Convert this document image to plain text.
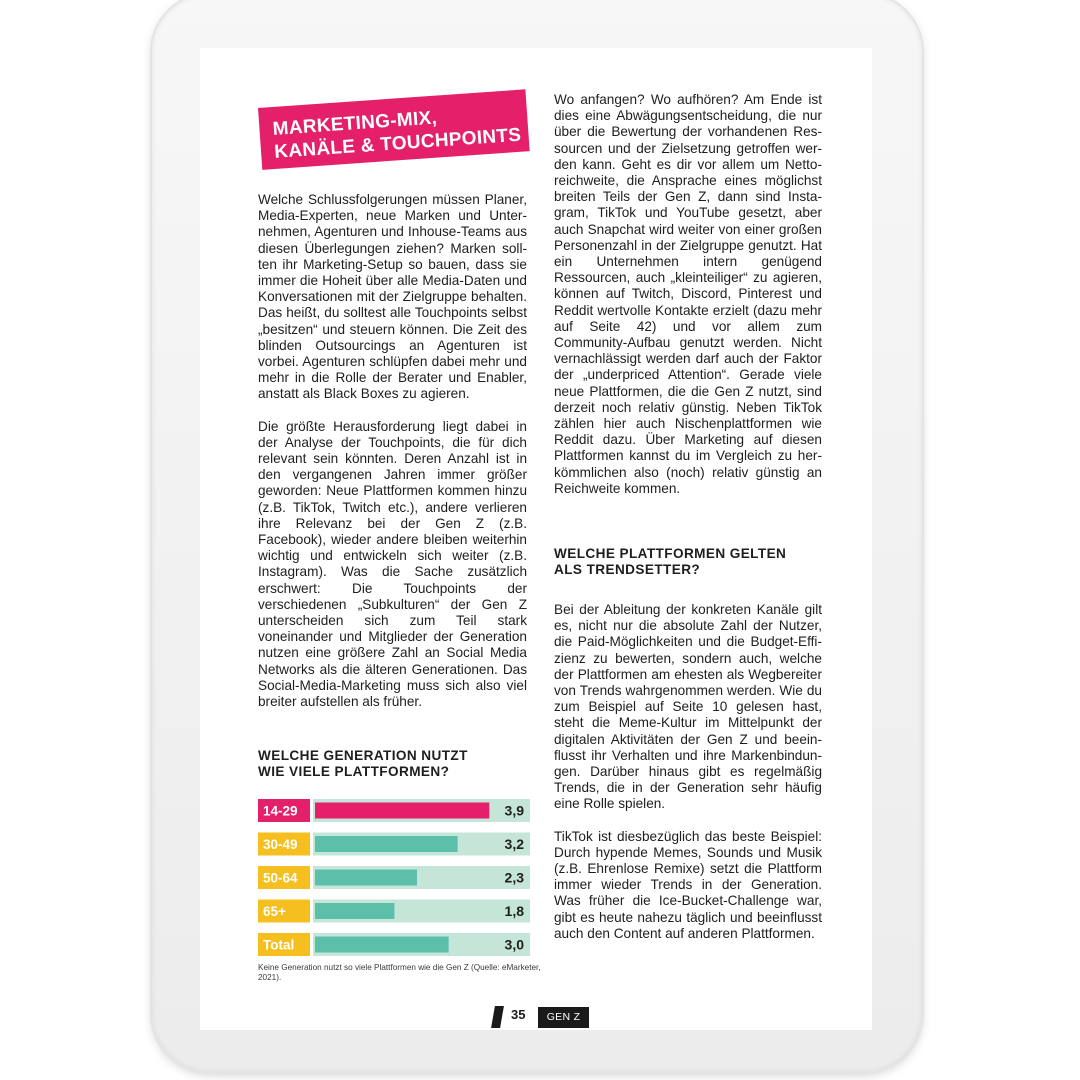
MARKETING-MIX,
KANÄLE & TOUCHPOINTS

Welche Schlussfolgerungen müssen Planer, Media-Experten, neue Marken und Unternehmen, Agenturen und Inhouse-Teams aus diesen Überlegungen ziehen? Marken sollten ihr Marketing-Setup so bauen, dass sie immer die Hoheit über alle Media-Daten und Konversationen mit der Zielgruppe behalten. Das heißt, du solltest alle Touchpoints selbst „besitzen“ und steuern können. Die Zeit des blinden Outsourcings an Agenturen ist vorbei. Agenturen schlüpfen dabei mehr und mehr in die Rolle der Berater und Enabler, anstatt als Black Boxes zu agieren.

Die größte Herausforderung liegt dabei in der Analyse der Touchpoints, die für dich relevant sein könnten. Deren Anzahl ist in den vergangenen Jahren immer größer geworden: Neue Plattformen kommen hinzu (z.B. TikTok, Twitch etc.), andere verlieren ihre Relevanz bei der Gen Z (z.B. Facebook), wieder andere bleiben weiterhin wichtig und entwickeln sich weiter (z.B. Instagram). Was die Sache zusätzlich erschwert: Die Touchpoints der verschiedenen „Subkulturen“ der Gen Z unterscheiden sich zum Teil stark voneinander und Mitglieder der Generation nutzen eine größere Zahl an Social Media Networks als die älteren Generationen. Das Social-Media-Marketing muss sich also viel breiter aufstellen als früher.

WELCHE GENERATION NUTZT
WIE VIELE PLATTFORMEN?
14-29	3,9
30-49	3,2
50-64	2,3
65+	1,8
Total	3,0
Keine Generation nutzt so viele Plattformen wie die Gen Z (Quelle: eMarketer, 2021).

Wo anfangen? Wo aufhören? Am Ende ist dies eine Abwägungsentscheidung, die nur über die Bewertung der vorhandenen Ressourcen und der Zielsetzung getroffen werden kann. Geht es dir vor allem um Nettoreichweite, die Ansprache eines möglichst breiten Teils der Gen Z, dann sind Instagram, TikTok und YouTube gesetzt, aber auch Snapchat wird weiter von einer großen Personenzahl in der Zielgruppe genutzt. Hat ein Unternehmen intern genügend Ressourcen, auch „kleinteiliger“ zu agieren, können auf Twitch, Discord, Pinterest und Reddit wertvolle Kontakte erzielt (dazu mehr auf Seite 42) und vor allem zum Community-Aufbau genutzt werden. Nicht vernachlässigt werden darf auch der Faktor der „underpriced Attention“. Gerade viele neue Plattformen, die die Gen Z nutzt, sind derzeit noch relativ günstig. Neben TikTok zählen hier auch Nischenplattformen wie Reddit dazu. Über Marketing auf diesen Plattformen kannst du im Vergleich zu herkömmlichen also (noch) relativ günstig an Reichweite kommen.

WELCHE PLATTFORMEN GELTEN
ALS TRENDSETTER?

Bei der Ableitung der konkreten Kanäle gilt es, nicht nur die absolute Zahl der Nutzer, die Paid-Möglichkeiten und die Budget-Effizienz zu bewerten, sondern auch, welche der Plattformen am ehesten als Wegbereiter von Trends wahrgenommen werden. Wie du zum Beispiel auf Seite 10 gelesen hast, steht die Meme-Kultur im Mittelpunkt der digitalen Aktivitäten der Gen Z und beeinflusst ihr Verhalten und ihre Markenbindungen. Darüber hinaus gibt es regelmäßig Trends, die in der Generation sehr häufig eine Rolle spielen.

TikTok ist diesbezüglich das beste Beispiel: Durch hypende Memes, Sounds und Musik (z.B. Ehrenlose Remixe) setzt die Plattform immer wieder Trends in der Generation. Was früher die Ice-Bucket-Challenge war, gibt es heute nahezu täglich und beeinflusst auch den Content auf anderen Plattformen.

35	GEN Z
